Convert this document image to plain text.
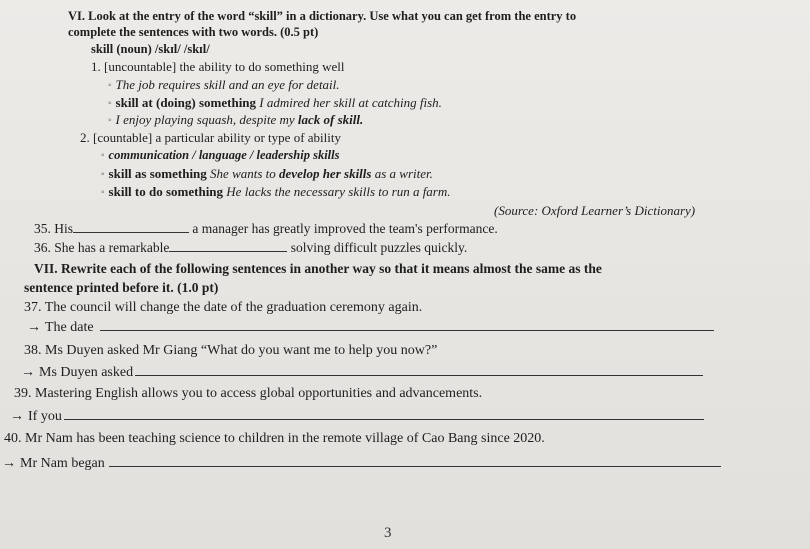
VI. Look at the entry of the word “skill” in a dictionary. Use what you can get from the entry to
complete the sentences with two words. (0.5 pt)
skill (noun) /skɪl/ /skɪl/
1. [uncountable] the ability to do something well
◦ The job requires skill and an eye for detail.
◦ skill at (doing) something I admired her skill at catching fish.
◦ I enjoy playing squash, despite my lack of skill.
2. [countable] a particular ability or type of ability
◦ communication / language / leadership skills
◦ skill as something She wants to develop her skills as a writer.
◦ skill to do something He lacks the necessary skills to run a farm.
(Source: Oxford Learner’s Dictionary)
35. His	a manager has greatly improved the team's performance.
36. She has a remarkable	solving difficult puzzles quickly.
VII. Rewrite each of the following sentences in another way so that it means almost the same as the
sentence printed before it. (1.0 pt)
37. The council will change the date of the graduation ceremony again.
→ The date
38. Ms Duyen asked Mr Giang “What do you want me to help you now?”
→ Ms Duyen asked
39. Mastering English allows you to access global opportunities and advancements.
→ If you
40. Mr Nam has been teaching science to children in the remote village of Cao Bang since 2020.
→ Mr Nam began
3
